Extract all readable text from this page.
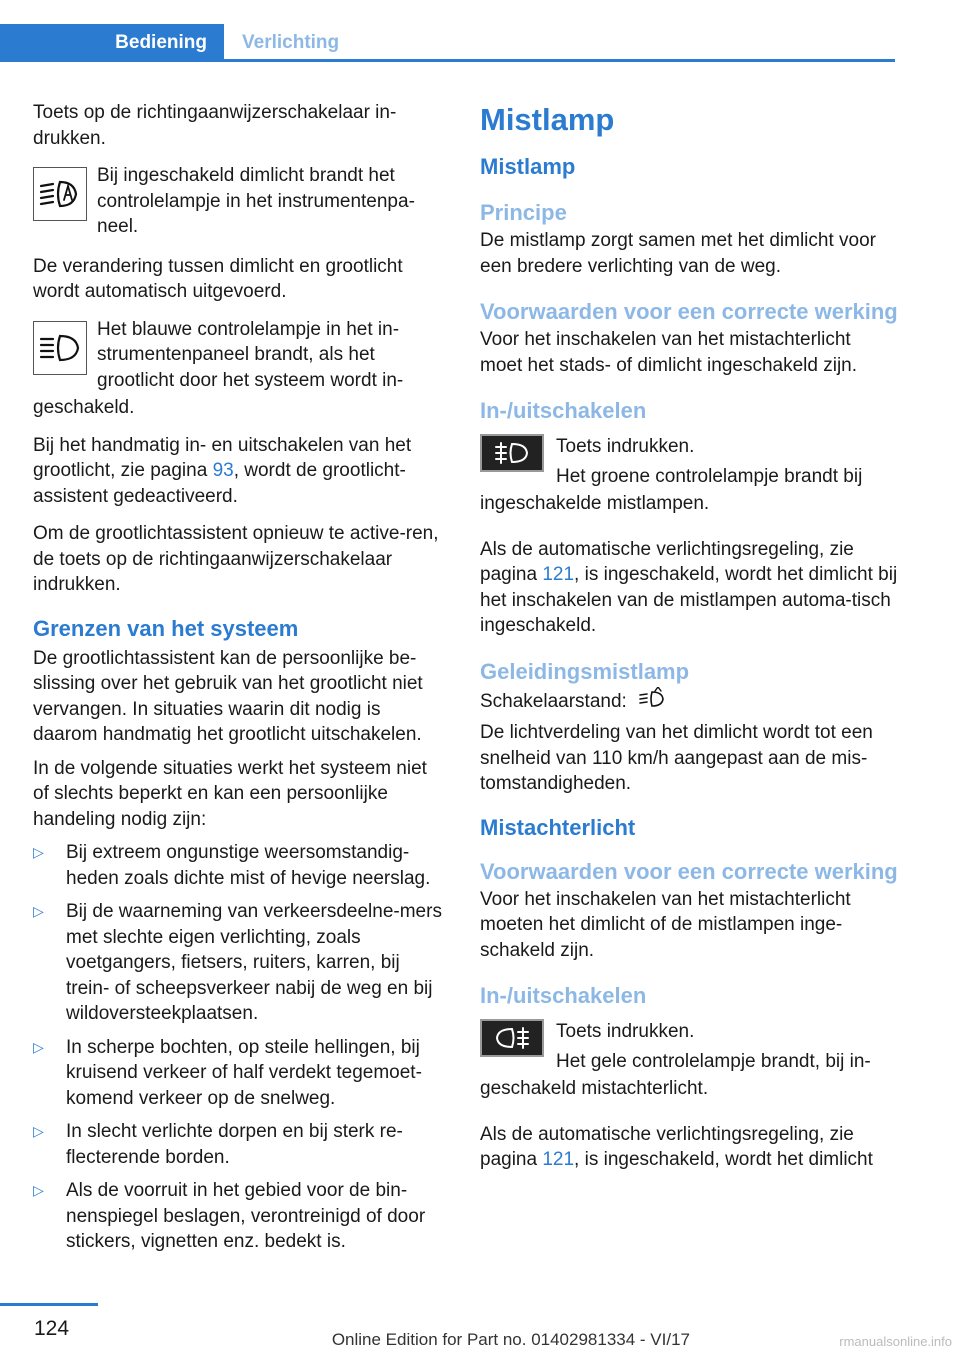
Bediening	Verlichting

Toets op de richtingaanwijzerschakelaar in-drukken.

Bij ingeschakeld dimlicht brandt het controlelampje in het instrumentenpa-neel.

De verandering tussen dimlicht en grootlicht wordt automatisch uitgevoerd.

Het blauwe controlelampje in het in-strumentenpaneel brandt, als het grootlicht door het systeem wordt in-

geschakeld.

Bij het handmatig in- en uitschakelen van het grootlicht, zie pagina 93, wordt de grootlicht-assistent gedeactiveerd.

Om de grootlichtassistent opnieuw te active-ren, de toets op de richtingaanwijzerschakelaar indrukken.

Grenzen van het systeem

De grootlichtassistent kan de persoonlijke be-slissing over het gebruik van het grootlicht niet vervangen. In situaties waarin dit nodig is daarom handmatig het grootlicht uitschakelen.

In de volgende situaties werkt het systeem niet of slechts beperkt en kan een persoonlijke handeling nodig zijn:

▷	Bij extreem ongunstige weersomstandig-heden zoals dichte mist of hevige neerslag.
▷	Bij de waarneming van verkeersdeelne-mers met slechte eigen verlichting, zoals voetgangers, fietsers, ruiters, karren, bij trein- of scheepsverkeer nabij de weg en bij wildoversteekplaatsen.
▷	In scherpe bochten, op steile hellingen, bij kruisend verkeer of half verdekt tegemoet-komend verkeer op de snelweg.
▷	In slecht verlichte dorpen en bij sterk re-flecterende borden.
▷	Als de voorruit in het gebied voor de bin-nenspiegel beslagen, verontreinigd of door stickers, vignetten enz. bedekt is.
Mistlamp
Mistlamp
Principe

De mistlamp zorgt samen met het dimlicht voor een bredere verlichting van de weg.

Voorwaarden voor een correcte werking

Voor het inschakelen van het mistachterlicht moet het stads- of dimlicht ingeschakeld zijn.

In-/uitschakelen

Toets indrukken.

Het groene controlelampje brandt bij

ingeschakelde mistlampen.

Als de automatische verlichtingsregeling, zie pagina 121, is ingeschakeld, wordt het dimlicht bij het inschakelen van de mistlampen automa-tisch ingeschakeld.

Geleidingsmistlamp

Schakelaarstand:

De lichtverdeling van het dimlicht wordt tot een snelheid van 110 km/h aangepast aan de mis-tomstandigheden.

Mistachterlicht
Voorwaarden voor een correcte werking

Voor het inschakelen van het mistachterlicht moeten het dimlicht of de mistlampen inge-schakeld zijn.

In-/uitschakelen

Toets indrukken.

Het gele controlelampje brandt, bij in-

geschakeld mistachterlicht.

Als de automatische verlichtingsregeling, zie pagina 121, is ingeschakeld, wordt het dimlicht

124	Online Edition for Part no. 01402981334 - VI/17	rmanualsonline.info
